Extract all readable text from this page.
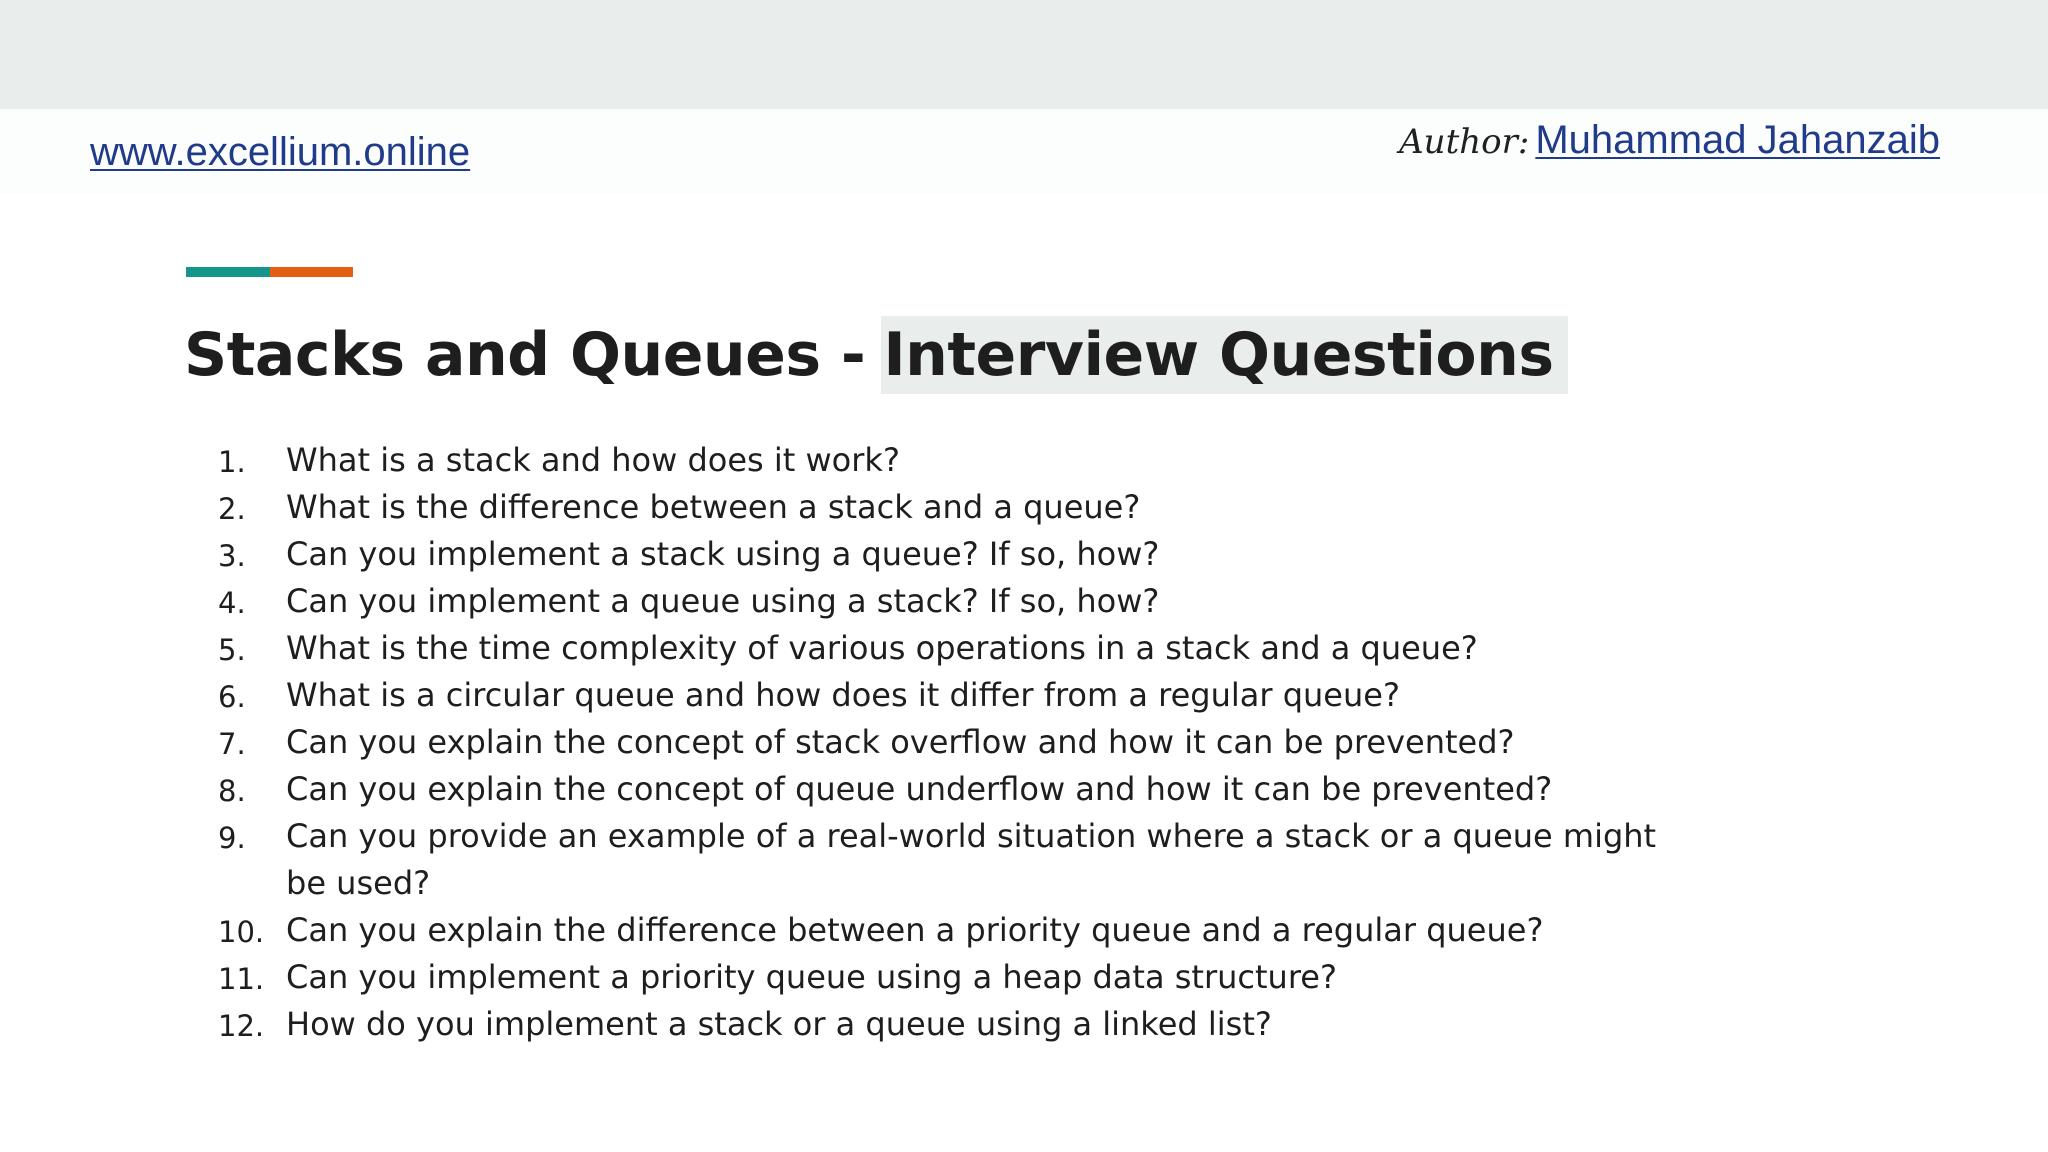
www.excellium.online	Author: Muhammad Jahanzaib
Stacks and Queues - Interview Questions
1. What is a stack and how does it work?
2. What is the difference between a stack and a queue?
3. Can you implement a stack using a queue? If so, how?
4. Can you implement a queue using a stack? If so, how?
5. What is the time complexity of various operations in a stack and a queue?
6. What is a circular queue and how does it differ from a regular queue?
7. Can you explain the concept of stack overflow and how it can be prevented?
8. Can you explain the concept of queue underflow and how it can be prevented?
9. Can you provide an example of a real-world situation where a stack or a queue might be used?
10. Can you explain the difference between a priority queue and a regular queue?
11. Can you implement a priority queue using a heap data structure?
12. How do you implement a stack or a queue using a linked list?
